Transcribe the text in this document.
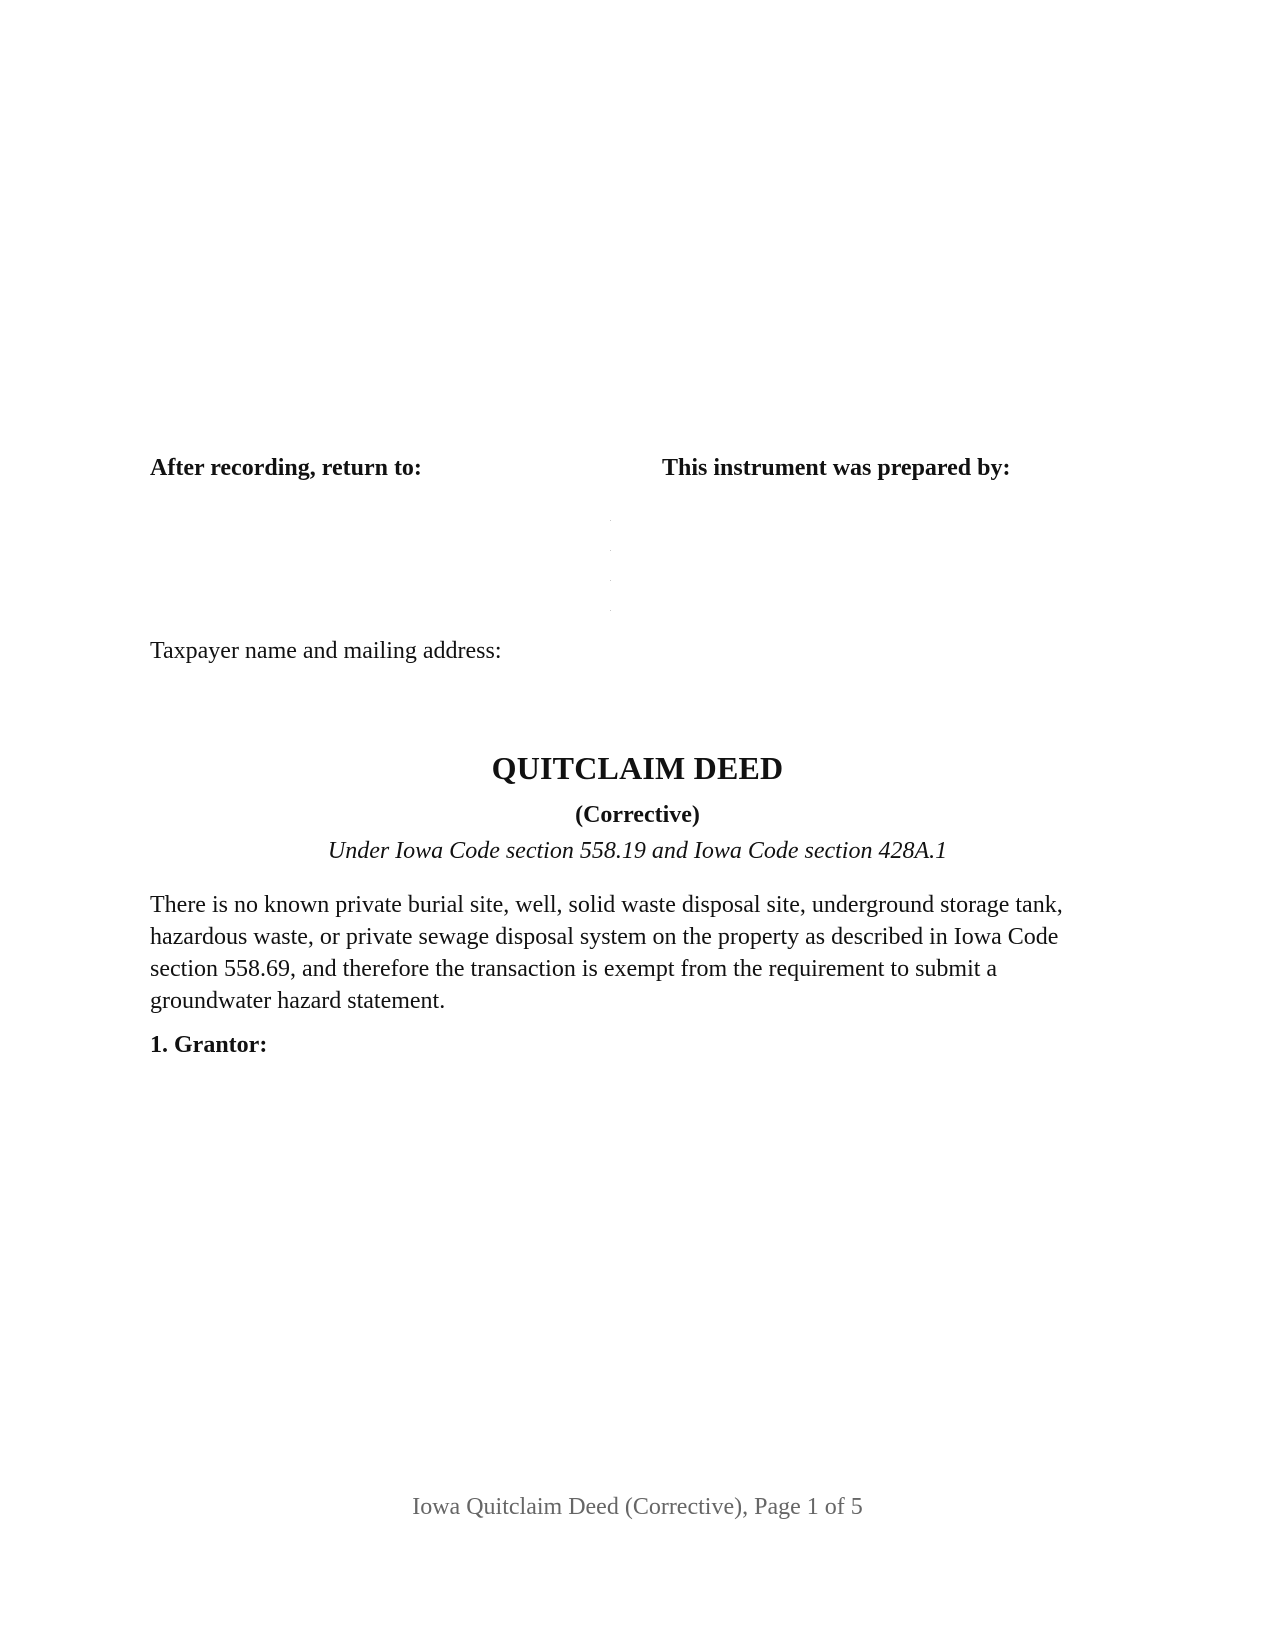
After recording, return to:	This instrument was prepared by:
Taxpayer name and mailing address:
QUITCLAIM DEED
(Corrective)
Under Iowa Code section 558.19 and Iowa Code section 428A.1

There is no known private burial site, well, solid waste disposal site, underground storage tank, hazardous waste, or private sewage disposal system on the property as described in Iowa Code section 558.69, and therefore the transaction is exempt from the requirement to submit a groundwater hazard statement.

1. Grantor:
Iowa Quitclaim Deed (Corrective), Page 1 of 5
